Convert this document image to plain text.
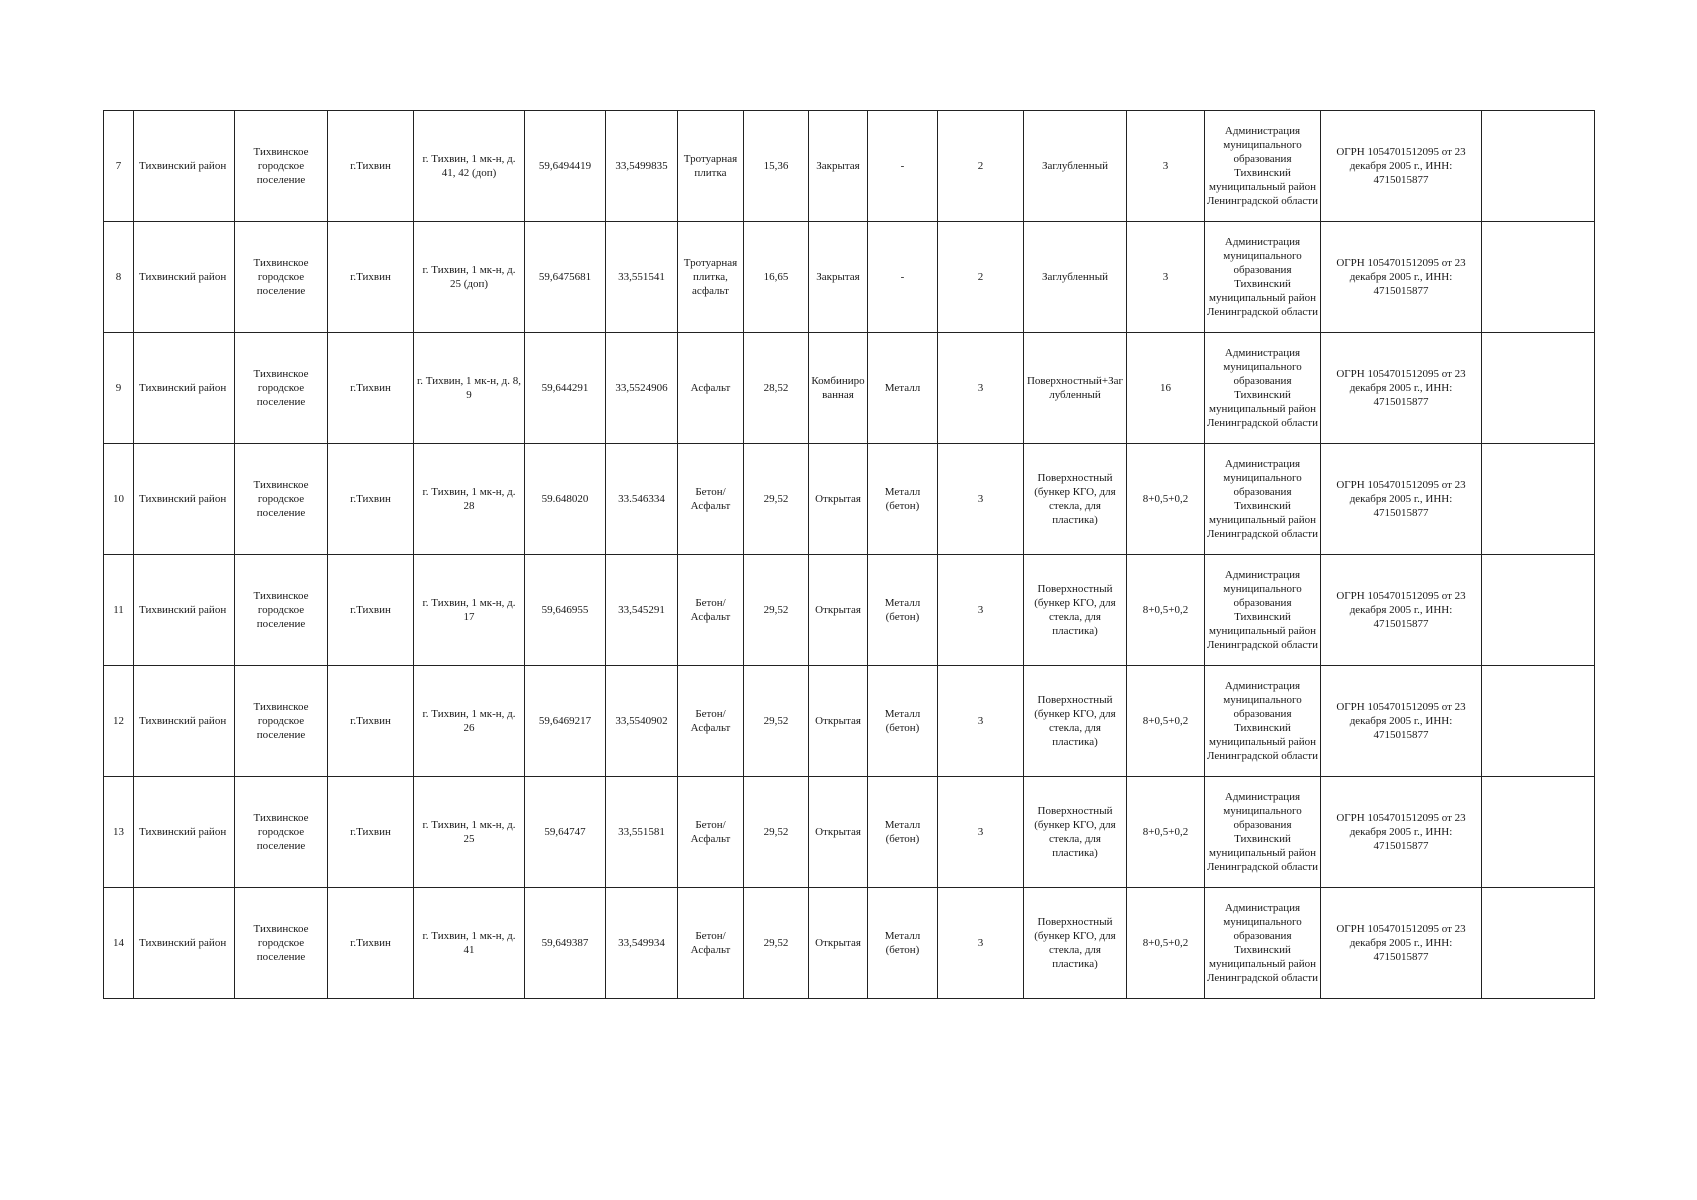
7	Тихвинский район	Тихвинское городское поселение	г.Тихвин	г. Тихвин, 1 мк-н, д. 41, 42 (доп)	59,6494419	33,5499835	Тротуарная плитка	15,36	Закрытая	-	2	Заглубленный	3	Администрация муниципального образования Тихвинский муниципальный район Ленинградской области	ОГРН 1054701512095 от 23 декабря 2005 г., ИНН: 4715015877	
8	Тихвинский район	Тихвинское городское поселение	г.Тихвин	г. Тихвин, 1 мк-н, д. 25 (доп)	59,6475681	33,551541	Тротуарная плитка, асфальт	16,65	Закрытая	-	2	Заглубленный	3	Администрация муниципального образования Тихвинский муниципальный район Ленинградской области	ОГРН 1054701512095 от 23 декабря 2005 г., ИНН: 4715015877	
9	Тихвинский район	Тихвинское городское поселение	г.Тихвин	г. Тихвин, 1 мк-н, д. 8, 9	59,644291	33,5524906	Асфальт	28,52	Комбинированная	Металл	3	Поверхностный+Заглубленный	16	Администрация муниципального образования Тихвинский муниципальный район Ленинградской области	ОГРН 1054701512095 от 23 декабря 2005 г., ИНН: 4715015877	
10	Тихвинский район	Тихвинское городское поселение	г.Тихвин	г. Тихвин, 1 мк-н, д. 28	59.648020	33.546334	Бетон/Асфальт	29,52	Открытая	Металл (бетон)	3	Поверхностный (бункер КГО, для стекла, для пластика)	8+0,5+0,2	Администрация муниципального образования Тихвинский муниципальный район Ленинградской области	ОГРН 1054701512095 от 23 декабря 2005 г., ИНН: 4715015877	
11	Тихвинский район	Тихвинское городское поселение	г.Тихвин	г. Тихвин, 1 мк-н, д. 17	59,646955	33,545291	Бетон/Асфальт	29,52	Открытая	Металл (бетон)	3	Поверхностный (бункер КГО, для стекла, для пластика)	8+0,5+0,2	Администрация муниципального образования Тихвинский муниципальный район Ленинградской области	ОГРН 1054701512095 от 23 декабря 2005 г., ИНН: 4715015877	
12	Тихвинский район	Тихвинское городское поселение	г.Тихвин	г. Тихвин, 1 мк-н, д. 26	59,6469217	33,5540902	Бетон/Асфальт	29,52	Открытая	Металл (бетон)	3	Поверхностный (бункер КГО, для стекла, для пластика)	8+0,5+0,2	Администрация муниципального образования Тихвинский муниципальный район Ленинградской области	ОГРН 1054701512095 от 23 декабря 2005 г., ИНН: 4715015877	
13	Тихвинский район	Тихвинское городское поселение	г.Тихвин	г. Тихвин, 1 мк-н, д. 25	59,64747	33,551581	Бетон/Асфальт	29,52	Открытая	Металл (бетон)	3	Поверхностный (бункер КГО, для стекла, для пластика)	8+0,5+0,2	Администрация муниципального образования Тихвинский муниципальный район Ленинградской области	ОГРН 1054701512095 от 23 декабря 2005 г., ИНН: 4715015877	
14	Тихвинский район	Тихвинское городское поселение	г.Тихвин	г. Тихвин, 1 мк-н, д. 41	59,649387	33,549934	Бетон/Асфальт	29,52	Открытая	Металл (бетон)	3	Поверхностный (бункер КГО, для стекла, для пластика)	8+0,5+0,2	Администрация муниципального образования Тихвинский муниципальный район Ленинградской области	ОГРН 1054701512095 от 23 декабря 2005 г., ИНН: 4715015877	
